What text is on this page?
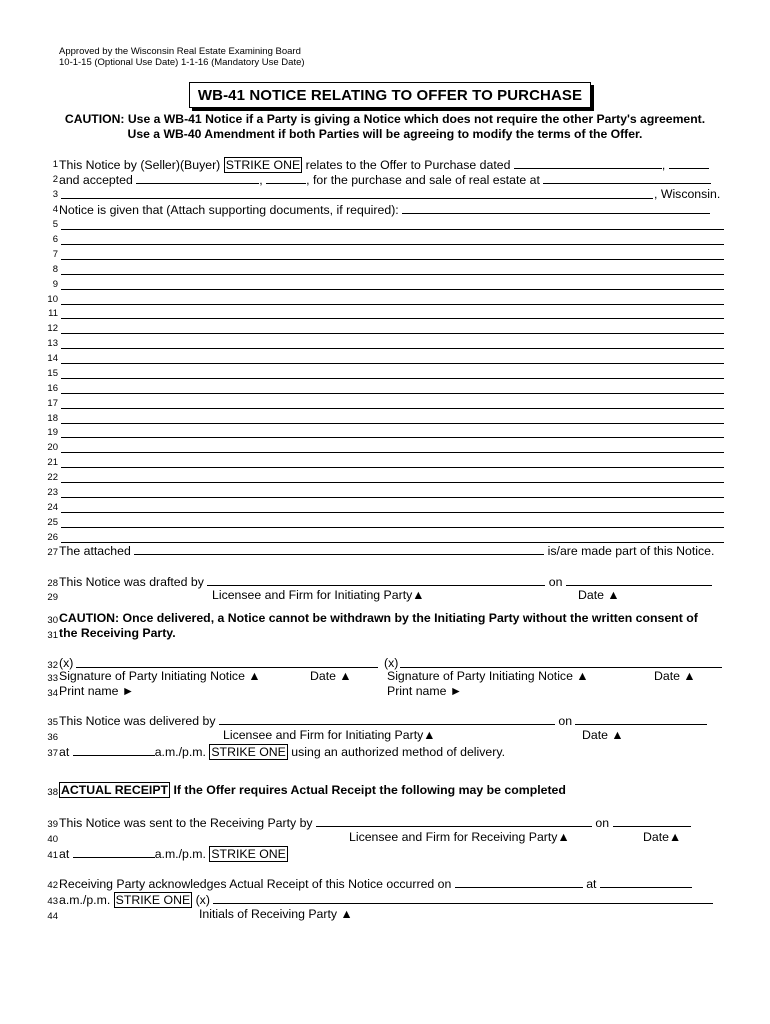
Approved by the Wisconsin Real Estate Examining Board
10-1-15 (Optional Use Date) 1-1-16 (Mandatory Use Date)
WB-41 NOTICE RELATING TO OFFER TO PURCHASE
CAUTION: Use a WB-41 Notice if a Party is giving a Notice which does not require the other Party's agreement.
Use a WB-40 Amendment if both Parties will be agreeing to modify the terms of the Offer.
1
2
3
4
5
6
7
8
9
10
11
12
13
14
15
16
17
18
19
20
21
22
23
24
25
26
27
28
29
30
31
32
33
34
35
36
37
38
39
40
41
42
43
44
This Notice by (Seller)(Buyer) STRIKE ONE relates to the Offer to Purchase dated	,
and accepted	,	, for the purchase and sale of real estate at
, Wisconsin.
Notice is given that (Attach supporting documents, if required):
The attached	is/are made part of this Notice.
This Notice was drafted by	on
Licensee and Firm for Initiating Party▲	Date ▲
CAUTION: Once delivered, a Notice cannot be withdrawn by the Initiating Party without the written consent of
the Receiving Party.
(x)	(x)
Signature of Party Initiating Notice ▲	Date ▲	Signature of Party Initiating Notice ▲	Date ▲
Print name ►	Print name ►
This Notice was delivered by	on
Licensee and Firm for Initiating Party▲	Date ▲
at	a.m./p.m. STRIKE ONE using an authorized method of delivery.
ACTUAL RECEIPT If the Offer requires Actual Receipt the following may be completed
This Notice was sent to the Receiving Party by	on
Licensee and Firm for Receiving Party▲	Date▲
at	a.m./p.m. STRIKE ONE
Receiving Party acknowledges Actual Receipt of this Notice occurred on	at
a.m./p.m. STRIKE ONE (x)
Initials of Receiving Party ▲
